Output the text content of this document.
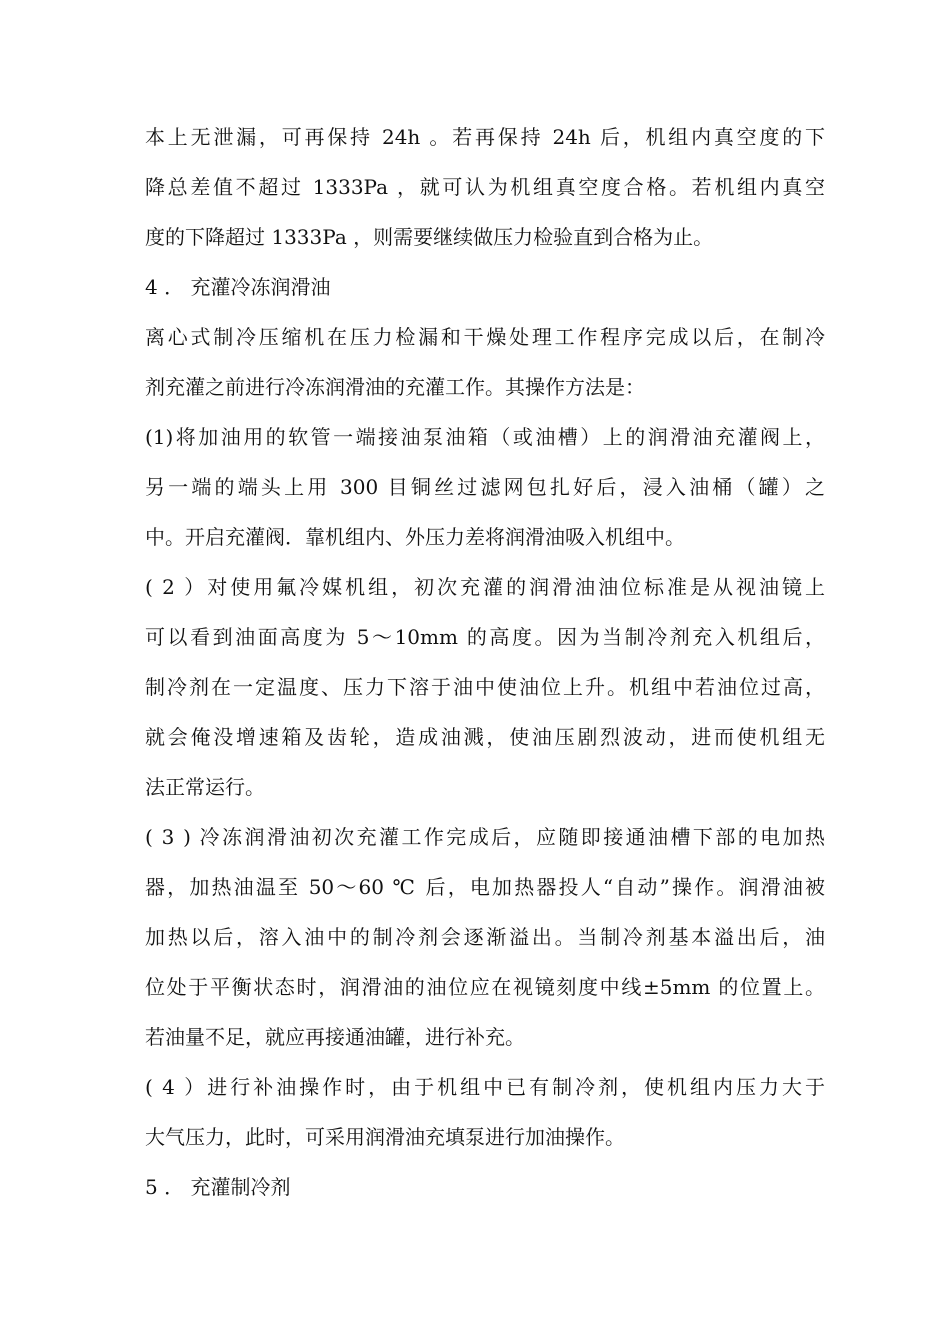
本上无泄漏，可再保持 24h 。若再保持 24h 后，机组内真空度的下
降总差值不超过 1333Pa ，就可认为机组真空度合格。若机组内真空
度的下降超过 1333Pa ，则需要继续做压力检验直到合格为止。
4 ． 充灌冷冻润滑油
离心式制冷压缩机在压力检漏和干燥处理工作程序完成以后，在制冷
剂充灌之前进行冷冻润滑油的充灌工作。其操作方法是：
(1)将加油用的软管一端接油泵油箱（或油槽）上的润滑油充灌阀上，
另一端的端头上用 300 目铜丝过滤网包扎好后，浸入油桶（罐）之
中。开启充灌阀．靠机组内、外压力差将润滑油吸入机组中。
( 2 ）对使用氟冷媒机组，初次充灌的润滑油油位标准是从视油镜上
可以看到油面高度为 5～10mm 的高度。因为当制冷剂充入机组后，
制冷剂在一定温度、压力下溶于油中使油位上升。机组中若油位过高，
就会俺没增速箱及齿轮，造成油溅，使油压剧烈波动，进而使机组无
法正常运行。
( 3 ) 冷冻润滑油初次充灌工作完成后，应随即接通油槽下部的电加热
器，加热油温至 50～60 ℃ 后，电加热器投人“自动”操作。润滑油被
加热以后，溶入油中的制冷剂会逐渐溢出。当制冷剂基本溢出后，油
位处于平衡状态时，润滑油的油位应在视镜刻度中线±5mm 的位置上。
若油量不足，就应再接通油罐，进行补充。
( 4 ）进行补油操作时，由于机组中已有制冷剂，使机组内压力大于
大气压力，此时，可采用润滑油充填泵进行加油操作。
5 ． 充灌制冷剂
